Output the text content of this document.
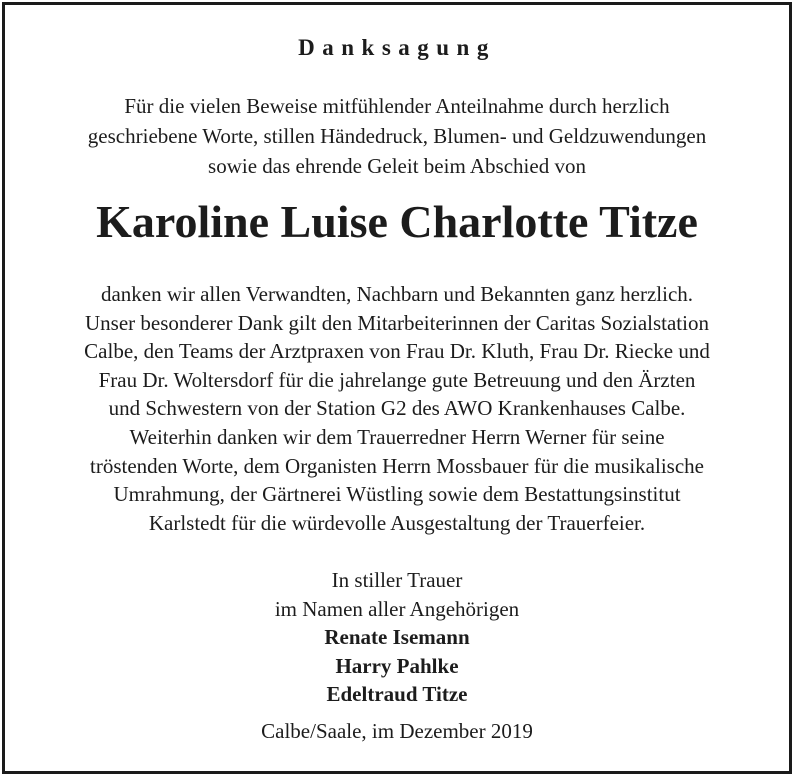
Danksagung
Für die vielen Beweise mitfühlender Anteilnahme durch herzlich
geschriebene Worte, stillen Händedruck, Blumen- und Geldzuwendungen
sowie das ehrende Geleit beim Abschied von
Karoline Luise Charlotte Titze
danken wir allen Verwandten, Nachbarn und Bekannten ganz herzlich.
Unser besonderer Dank gilt den Mitarbeiterinnen der Caritas Sozialstation
Calbe, den Teams der Arztpraxen von Frau Dr. Kluth, Frau Dr. Riecke und
Frau Dr. Woltersdorf für die jahrelange gute Betreuung und den Ärzten
und Schwestern von der Station G2 des AWO Krankenhauses Calbe.
Weiterhin danken wir dem Trauerredner Herrn Werner für seine
tröstenden Worte, dem Organisten Herrn Mossbauer für die musikalische
Umrahmung, der Gärtnerei Wüstling sowie dem Bestattungsinstitut
Karlstedt für die würdevolle Ausgestaltung der Trauerfeier.
In stiller Trauer
im Namen aller Angehörigen
Renate Isemann
Harry Pahlke
Edeltraud Titze
Calbe/Saale, im Dezember 2019
